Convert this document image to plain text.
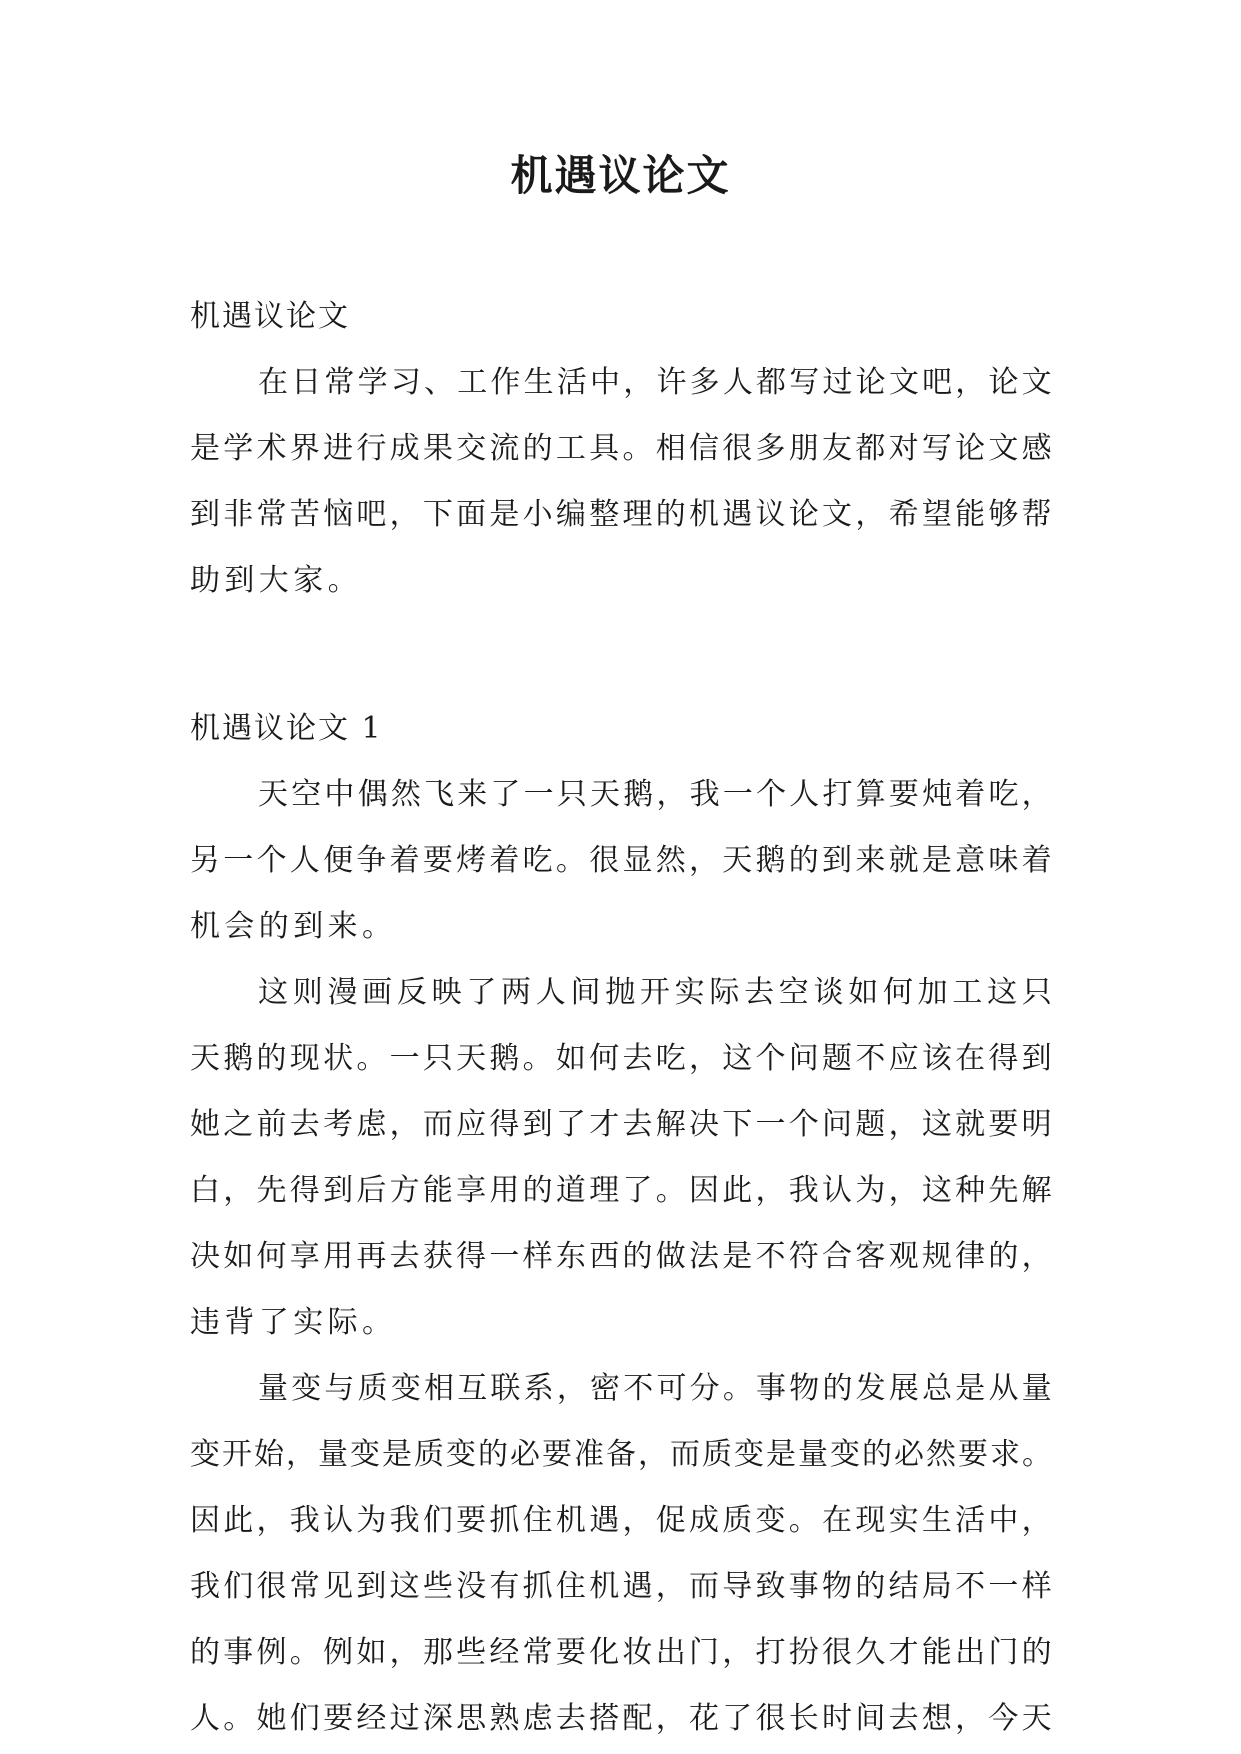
机遇议论文
机遇议论文
在 日 常 学 习 、 工 作 生 活 中 ， 许 多 人 都 写 过 论 文 吧 ， 论 文
是 学 术 界 进 行 成 果 交 流 的 工 具 。 相 信 很 多 朋 友 都 对 写 论 文 感
到 非 常 苦 恼 吧 ， 下 面 是 小 编 整 理 的 机 遇 议 论 文 ， 希 望 能 够 帮
助到大家。
机遇议论文 1
天 空 中 偶 然 飞 来 了 一 只 天 鹅 ， 我 一 个 人 打 算 要 炖 着 吃 ，
另 一 个 人 便 争 着 要 烤 着 吃 。 很 显 然 ， 天 鹅 的 到 来 就 是 意 味 着
机会的到来。
这 则 漫 画 反 映 了 两 人 间 抛 开 实 际 去 空 谈 如 何 加 工 这 只
天 鹅 的 现 状 。 一 只 天 鹅 。 如 何 去 吃 ， 这 个 问 题 不 应 该 在 得 到
她 之 前 去 考 虑 ， 而 应 得 到 了 才 去 解 决 下 一 个 问 题 ， 这 就 要 明
白 ， 先 得 到 后 方 能 享 用 的 道 理 了 。 因 此 ， 我 认 为 ， 这 种 先 解
决 如 何 享 用 再 去 获 得 一 样 东 西 的 做 法 是 不 符 合 客 观 规 律 的 ，
违背了实际。
量 变 与 质 变 相 互 联 系 ， 密 不 可 分 。 事 物 的 发 展 总 是 从 量
变 开 始 ， 量 变 是 质 变 的 必 要 准 备 ， 而 质 变 是 量 变 的 必 然 要 求 。
因 此 ， 我 认 为 我 们 要 抓 住 机 遇 ， 促 成 质 变 。 在 现 实 生 活 中 ，
我 们 很 常 见 到 这 些 没 有 抓 住 机 遇 ， 而 导 致 事 物 的 结 局 不 一 样
的 事 例 。 例 如 ， 那 些 经 常 要 化 妆 出 门 ， 打 扮 很 久 才 能 出 门 的
人 。 她 们 要 经 过 深 思 熟 虑 去 搭 配 ， 花 了 很 长 时 间 去 想 ， 今 天
